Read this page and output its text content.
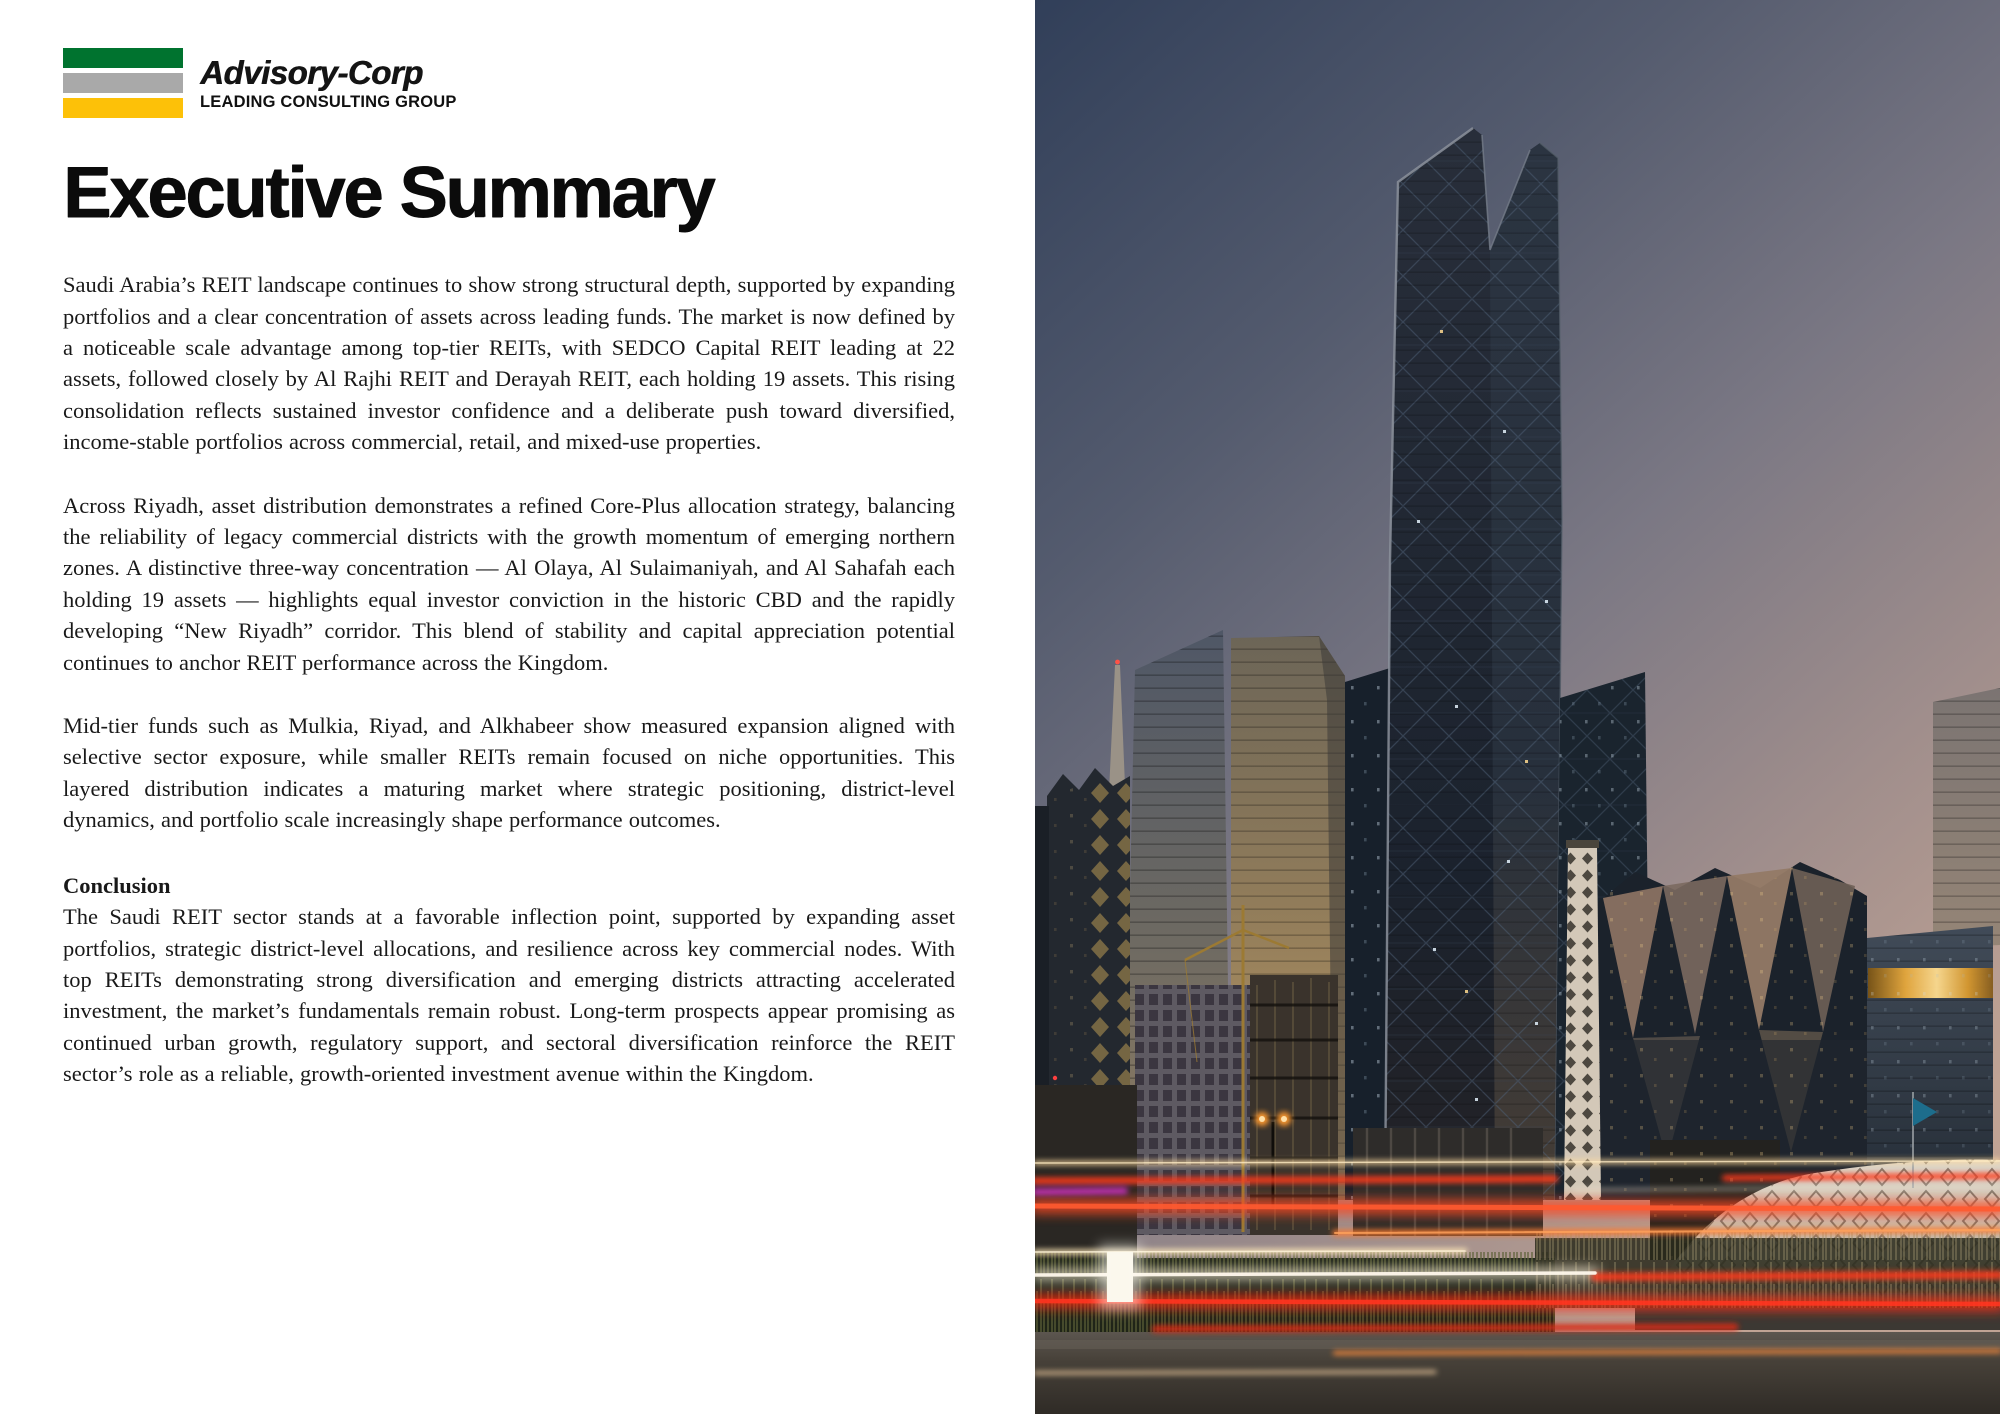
Advisory-Corp
LEADING CONSULTING GROUP
Executive Summary

Saudi Arabia’s REIT landscape continues to show strong structural depth, supported by expanding portfolios and a clear concentration of assets across leading funds. The market is now defined by a noticeable scale advantage among top-tier REITs, with SEDCO Capital REIT leading at 22 assets, followed closely by Al Rajhi REIT and Derayah REIT, each holding 19 assets. This rising consolidation reflects sustained investor confidence and a deliberate push toward diversified, income-stable portfolios across commercial, retail, and mixed-use properties.

Across Riyadh, asset distribution demonstrates a refined Core-Plus allocation strategy, balancing the reliability of legacy commercial districts with the growth momentum of emerging northern zones. A distinctive three-way concentration — Al Olaya, Al Sulaimaniyah, and Al Sahafah each holding 19 assets — highlights equal investor conviction in the historic CBD and the rapidly developing “New Riyadh” corridor. This blend of stability and capital appreciation potential continues to anchor REIT performance across the Kingdom.

Mid-tier funds such as Mulkia, Riyad, and Alkhabeer show measured expansion aligned with selective sector exposure, while smaller REITs remain focused on niche opportunities. This layered distribution indicates a maturing market where strategic positioning, district-level dynamics, and portfolio scale increasingly shape performance outcomes.

Conclusion

The Saudi REIT sector stands at a favorable inflection point, supported by expanding asset portfolios, strategic district-level allocations, and resilience across key commercial nodes. With top REITs demonstrating strong diversification and emerging districts attracting accelerated investment, the market’s fundamentals remain robust. Long-term prospects appear promising as continued urban growth, regulatory support, and sectoral diversification reinforce the REIT sector’s role as a reliable, growth-oriented investment avenue within the Kingdom.
